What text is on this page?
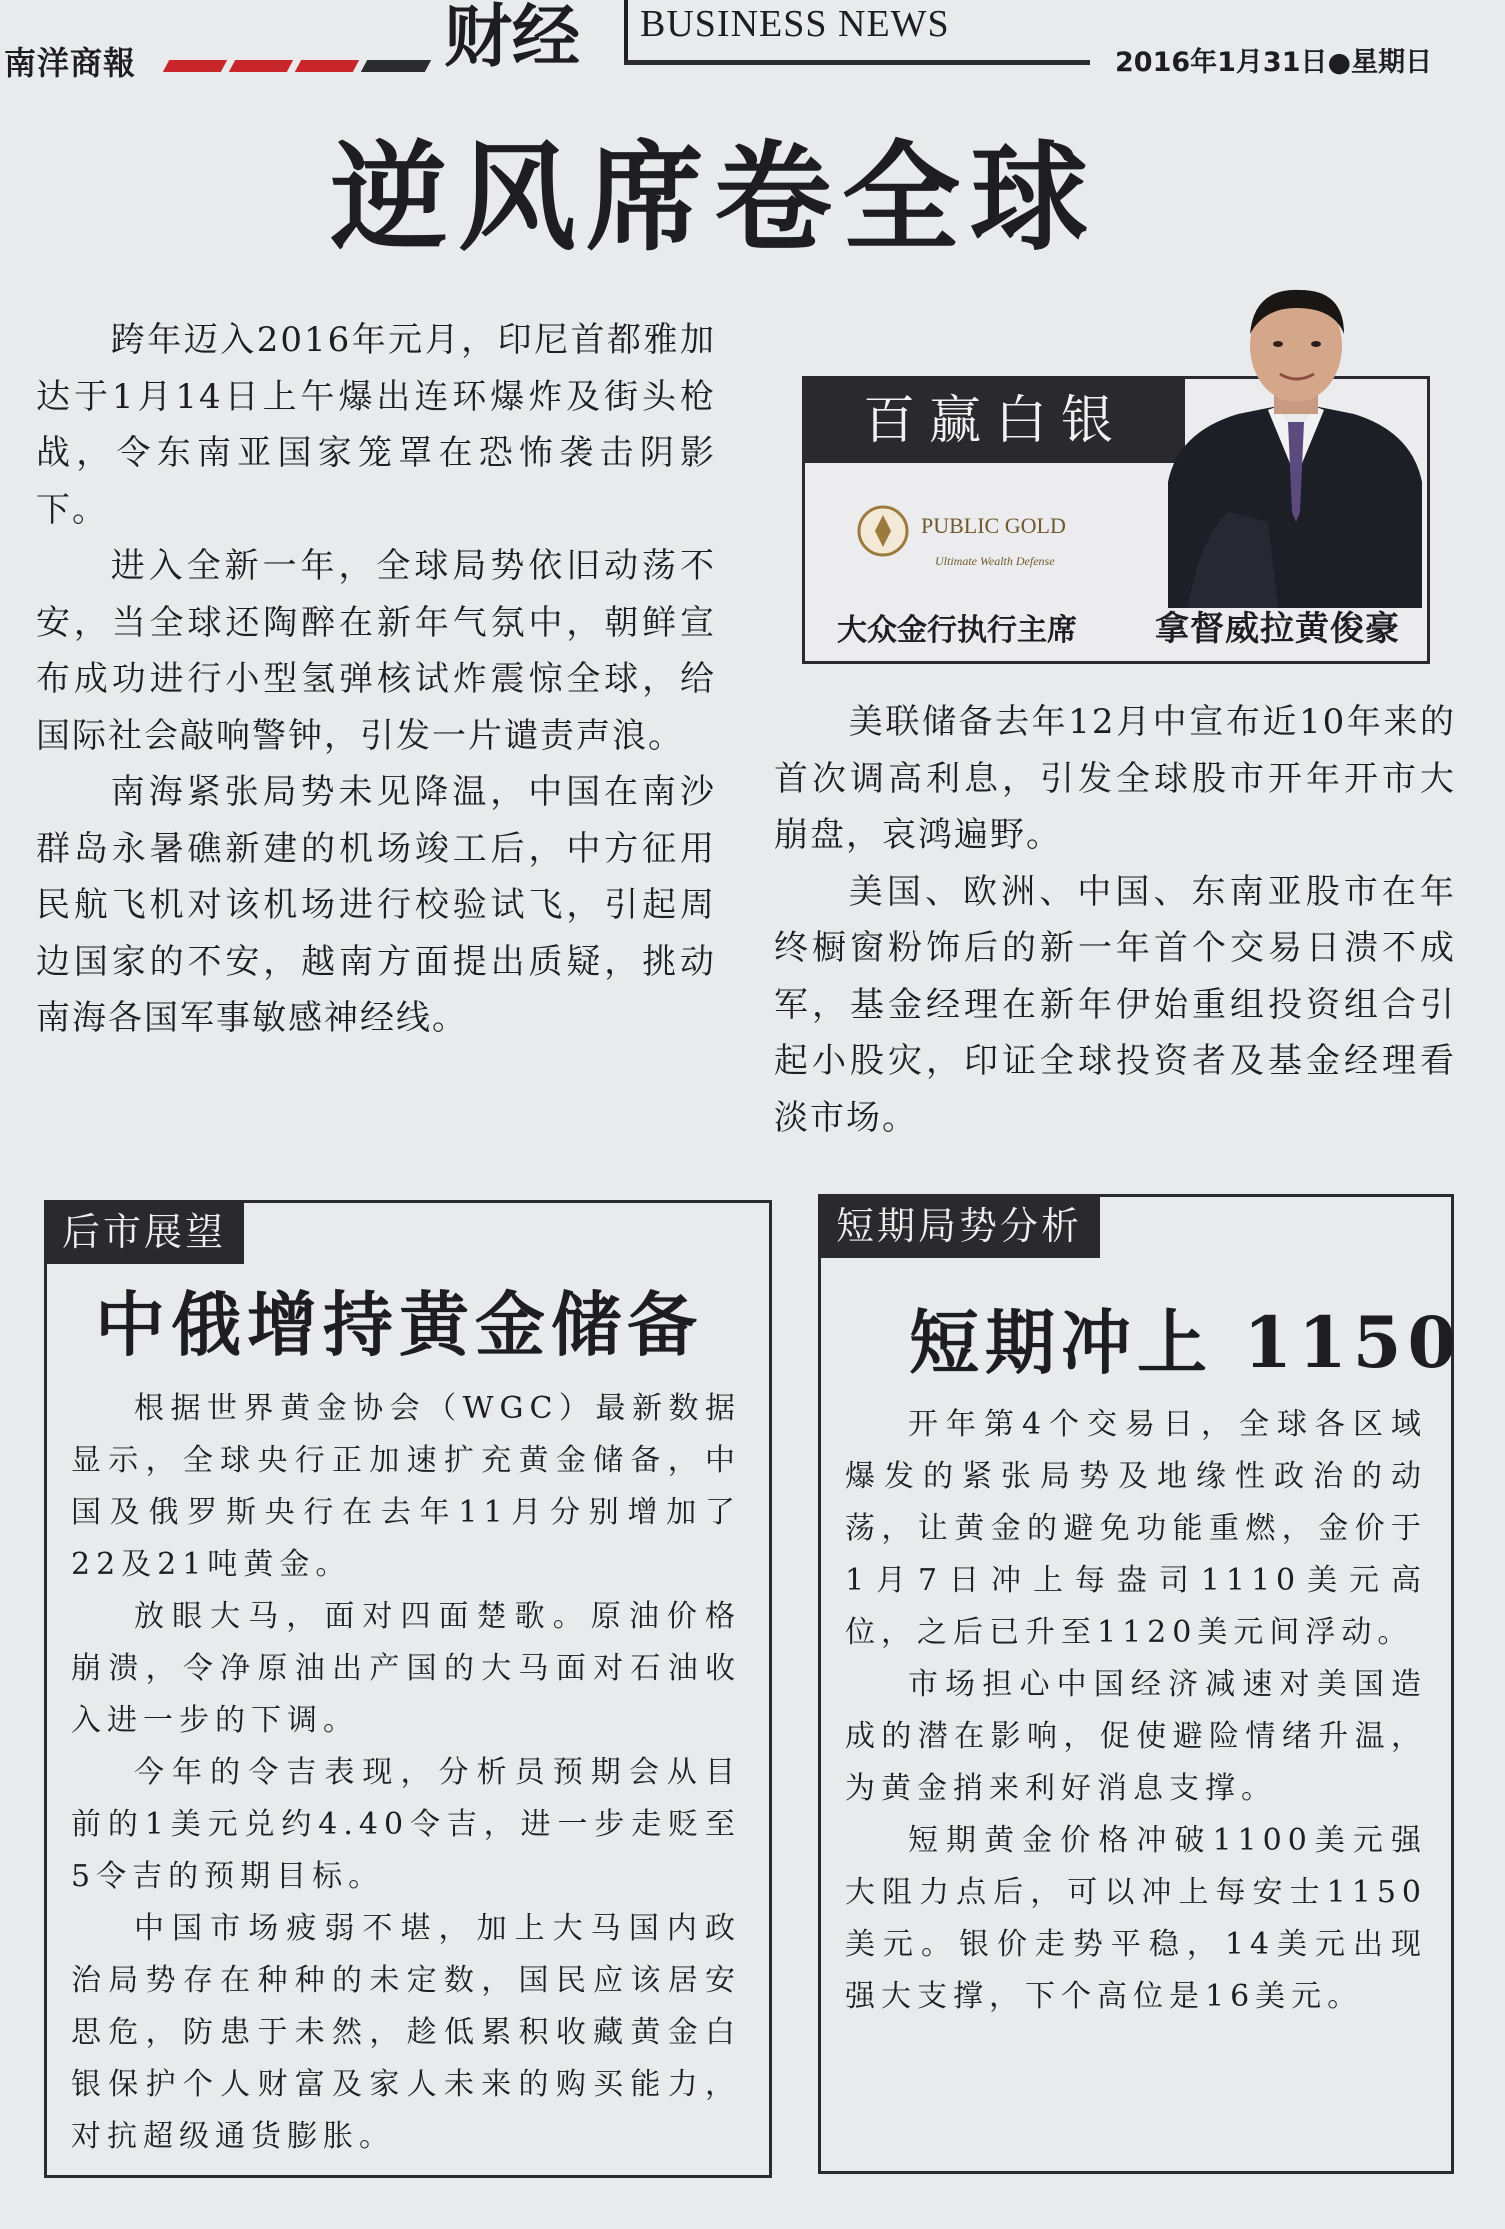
南洋商報	财经 BUSINESS NEWS
2016年1月31日●星期日
逆风席卷全球

跨年迈入2016年元月，印尼首都雅加达于1月14日上午爆出连环爆炸及街头枪战，令东南亚国家笼罩在恐怖袭击阴影下。

进入全新一年，全球局势依旧动荡不安，当全球还陶醉在新年气氛中，朝鲜宣布成功进行小型氢弹核试炸震惊全球，给国际社会敲响警钟，引发一片谴责声浪。

南海紧张局势未见降温，中国在南沙群岛永暑礁新建的机场竣工后，中方征用民航飞机对该机场进行校验试飞，引起周边国家的不安，越南方面提出质疑，挑动南海各国军事敏感神经线。

百赢白银
PUBLIC GOLD
Ultimate Wealth Defense
大众金行执行主席 拿督威拉黄俊豪

美联储备去年12月中宣布近10年来的首次调高利息，引发全球股市开年开市大崩盘，哀鸿遍野。

美国、欧洲、中国、东南亚股市在年终橱窗粉饰后的新一年首个交易日溃不成军，基金经理在新年伊始重组投资组合引起小股灾，印证全球投资者及基金经理看淡市场。

后市展望
中俄增持黄金储备

根据世界黄金协会（WGC）最新数据显示，全球央行正加速扩充黄金储备，中国及俄罗斯央行在去年11月分别增加了22及21吨黄金。

放眼大马，面对四面楚歌。原油价格崩溃，令净原油出产国的大马面对石油收入进一步的下调。

今年的令吉表现，分析员预期会从目前的1美元兑约4.40令吉，进一步走贬至5令吉的预期目标。

中国市场疲弱不堪，加上大马国内政治局势存在种种的未定数，国民应该居安思危，防患于未然，趁低累积收藏黄金白银保护个人财富及家人未来的购买能力，对抗超级通货膨胀。

短期局势分析
短期冲上 1150

开年第4个交易日，全球各区域爆发的紧张局势及地缘性政治的动荡，让黄金的避免功能重燃，金价于1月7日冲上每盎司1110美元高位，之后已升至1120美元间浮动。

市场担心中国经济减速对美国造成的潜在影响，促使避险情绪升温，为黄金捎来利好消息支撑。

短期黄金价格冲破1100美元强大阻力点后，可以冲上每安士1150美元。银价走势平稳，14美元出现强大支撑，下个高位是16美元。
